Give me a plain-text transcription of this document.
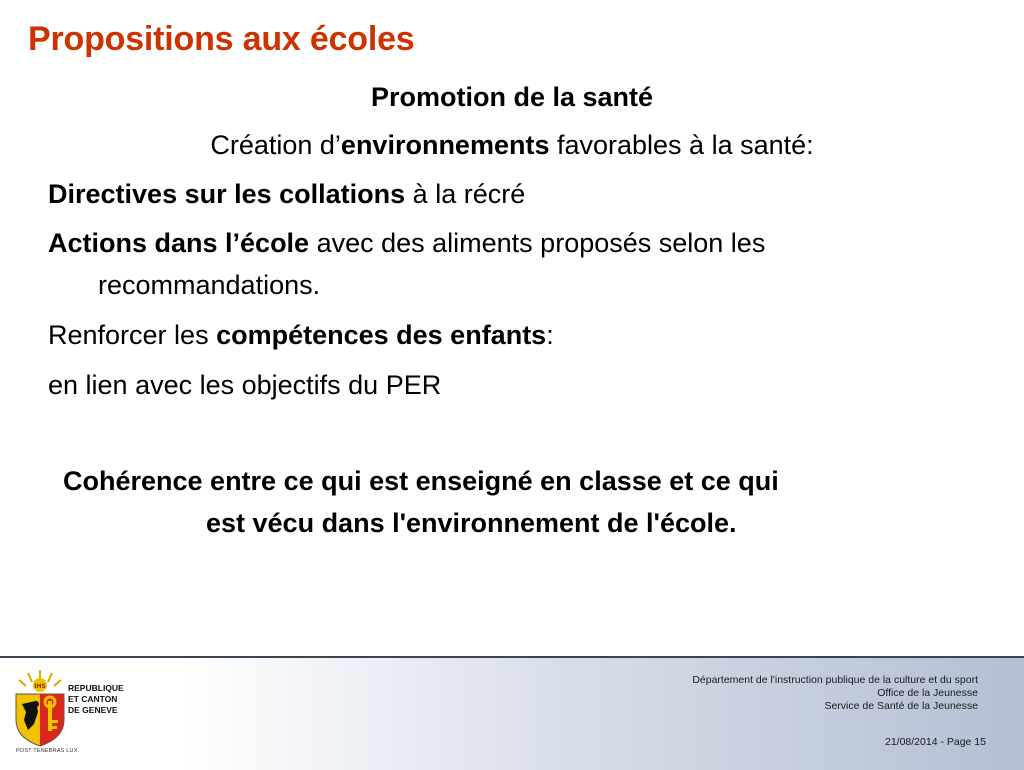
Propositions aux écoles
Promotion de la santé
Création d’environnements favorables à la santé:
Directives sur les collations à la récré
Actions dans l’école avec des aliments proposés selon les
recommandations.
Renforcer les compétences des enfants:
en lien avec les objectifs du PER
Cohérence entre ce qui est enseigné en classe et ce qui
est vécu dans l'environnement de l'école.
IHS	REPUBLIQUE
ET CANTON
DE GENEVE
POST TENEBRAS LUX
Département de l'instruction publique de la culture et du sport
Office de la Jeunesse
Service de Santé de la Jeunesse
21/08/2014 - Page 15
